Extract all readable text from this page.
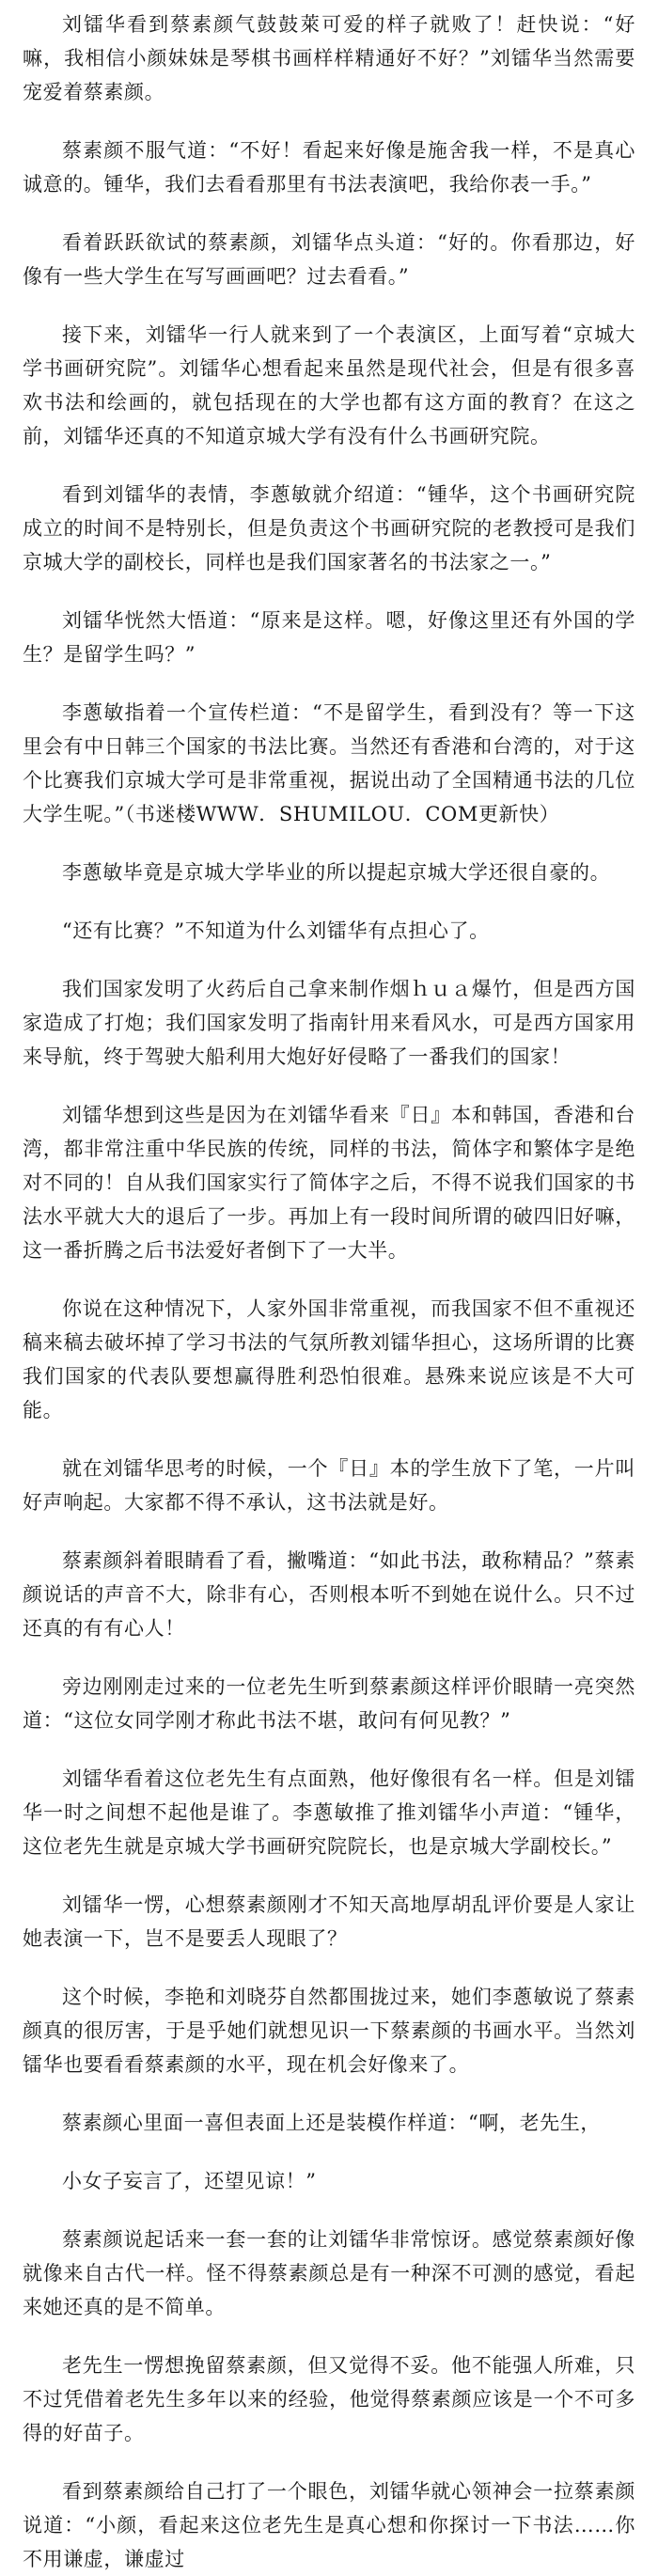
刘镭华看到蔡素颜气鼓鼓萊可爱的样子就败了！赶快说：“好嘛，我相信小颜妹妹是琴棋书画样样精通好不好？”刘镭华当然需要宠爱着蔡素颜。

蔡素颜不服气道：“不好！看起来好像是施舍我一样，不是真心诚意的。锺华，我们去看看那里有书法表演吧，我给你表一手。”

看着跃跃欲试的蔡素颜，刘镭华点头道：“好的。你看那边，好像有一些大学生在写写画画吧？过去看看。”

接下来，刘镭华一行人就来到了一个表演区，上面写着“京城大学书画研究院”。刘镭华心想看起来虽然是现代社会，但是有很多喜欢书法和绘画的，就包括现在的大学也都有这方面的教育？在这之前，刘镭华还真的不知道京城大学有没有什么书画研究院。

看到刘镭华的表情，李蔥敏就介绍道：“锺华，这个书画研究院成立的时间不是特别长，但是负责这个书画研究院的老教授可是我们京城大学的副校长，同样也是我们国家著名的书法家之一。”

刘镭华恍然大悟道：“原来是这样。嗯，好像这里还有外国的学生？是留学生吗？”

李蔥敏指着一个宣传栏道：“不是留学生，看到没有？等一下这里会有中日韩三个国家的书法比赛。当然还有香港和台湾的，对于这个比赛我们京城大学可是非常重视，据说出动了全国精通书法的几位大学生呢。”（书迷楼WWW．SHUMILOU．COM更新快）

李蔥敏毕竟是京城大学毕业的所以提起京城大学还很自豪的。

“还有比赛？”不知道为什么刘镭华有点担心了。

我们国家发明了火药后自己拿来制作烟ｈｕａ爆竹，但是西方国家造成了打炮；我们国家发明了指南针用来看风水，可是西方国家用来导航，终于驾驶大船利用大炮好好侵略了一番我们的国家！

刘镭华想到这些是因为在刘镭华看来『日』本和韩国，香港和台湾，都非常注重中华民族的传统，同样的书法，简体字和繁体字是绝对不同的！自从我们国家实行了简体字之后，不得不说我们国家的书法水平就大大的退后了一步。再加上有一段时间所谓的破四旧好嘛，这一番折腾之后书法爱好者倒下了一大半。

你说在这种情况下，人家外国非常重视，而我国家不但不重视还稿来稿去破坏掉了学习书法的气氛所教刘镭华担心，这场所谓的比赛我们国家的代表队要想赢得胜利恐怕很难。悬殊来说应该是不大可能。

就在刘镭华思考的时候，一个『日』本的学生放下了笔，一片叫好声响起。大家都不得不承认，这书法就是好。

蔡素颜斜着眼睛看了看，撇嘴道：“如此书法，敢称精品？”蔡素颜说话的声音不大，除非有心，否则根本听不到她在说什么。只不过还真的有有心人！

旁边刚刚走过来的一位老先生听到蔡素颜这样评价眼睛一亮突然道：“这位女同学刚才称此书法不堪，敢问有何见教？”

刘镭华看着这位老先生有点面熟，他好像很有名一样。但是刘镭华一时之间想不起他是谁了。李蔥敏推了推刘镭华小声道：“锺华，这位老先生就是京城大学书画研究院院长，也是京城大学副校长。”

刘镭华一愣，心想蔡素颜刚才不知天高地厚胡乱评价要是人家让她表演一下，岂不是要丢人现眼了？

这个时候，李艳和刘晓芬自然都围拢过来，她们李蔥敏说了蔡素颜真的很厉害，于是乎她们就想见识一下蔡素颜的书画水平。当然刘镭华也要看看蔡素颜的水平，现在机会好像来了。

蔡素颜心里面一喜但表面上还是装模作样道：“啊，老先生，

小女子妄言了，还望见谅！”

蔡素颜说起话来一套一套的让刘镭华非常惊讶。感觉蔡素颜好像就像来自古代一样。怪不得蔡素颜总是有一种深不可测的感觉，看起来她还真的是不简单。

老先生一愣想挽留蔡素颜，但又觉得不妥。他不能强人所难，只不过凭借着老先生多年以来的经验，他觉得蔡素颜应该是一个不可多得的好苗子。

看到蔡素颜给自己打了一个眼色，刘镭华就心领神会一拉蔡素颜说道：“小颜，看起来这位老先生是真心想和你探讨一下书法……你不用谦虚，谦虚过
